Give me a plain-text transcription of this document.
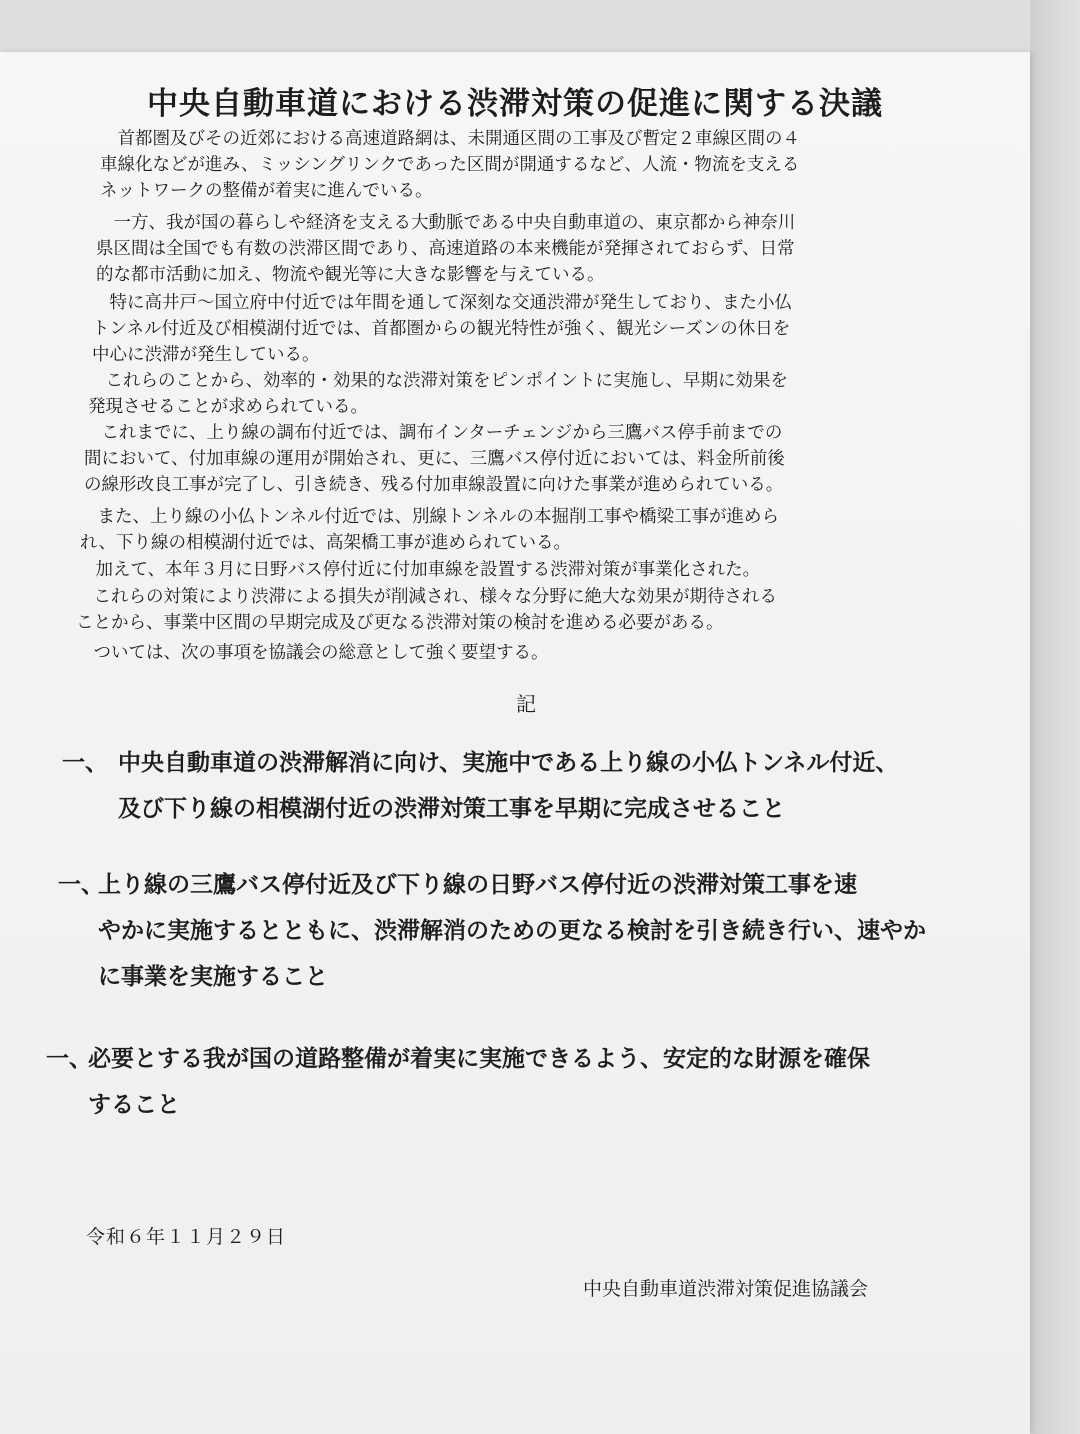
中央自動車道における渋滞対策の促進に関する決議

　首都圏及びその近郊における高速道路網は、未開通区間の工事及び暫定２車線区間の４
車線化などが進み、ミッシングリンクであった区間が開通するなど、人流・物流を支える
ネットワークの整備が着実に進んでいる。

　一方、我が国の暮らしや経済を支える大動脈である中央自動車道の、東京都から神奈川
県区間は全国でも有数の渋滞区間であり、高速道路の本来機能が発揮されておらず、日常
的な都市活動に加え、物流や観光等に大きな影響を与えている。

　特に高井戸〜国立府中付近では年間を通して深刻な交通渋滞が発生しており、また小仏
トンネル付近及び相模湖付近では、首都圏からの観光特性が強く、観光シーズンの休日を
中心に渋滞が発生している。

　これらのことから、効率的・効果的な渋滞対策をピンポイントに実施し、早期に効果を
発現させることが求められている。

　これまでに、上り線の調布付近では、調布インターチェンジから三鷹バス停手前までの
間において、付加車線の運用が開始され、更に、三鷹バス停付近においては、料金所前後
の線形改良工事が完了し、引き続き、残る付加車線設置に向けた事業が進められている。

　また、上り線の小仏トンネル付近では、別線トンネルの本掘削工事や橋梁工事が進めら
れ、下り線の相模湖付近では、高架橋工事が進められている。

　加えて、本年３月に日野バス停付近に付加車線を設置する渋滞対策が事業化された。

　これらの対策により渋滞による損失が削減され、様々な分野に絶大な効果が期待される
ことから、事業中区間の早期完成及び更なる渋滞対策の検討を進める必要がある。

　ついては、次の事項を協議会の総意として強く要望する。

記
一、 中央自動車道の渋滞解消に向け、実施中である上り線の小仏トンネル付近、
及び下り線の相模湖付近の渋滞対策工事を早期に完成させること
一、
上り線の三鷹バス停付近及び下り線の日野バス停付近の渋滞対策工事を速
やかに実施するとともに、渋滞解消のための更なる検討を引き続き行い、速やか
に事業を実施すること
一、
必要とする我が国の道路整備が着実に実施できるよう、安定的な財源を確保
すること
令和６年１１月２９日
中央自動車道渋滞対策促進協議会
